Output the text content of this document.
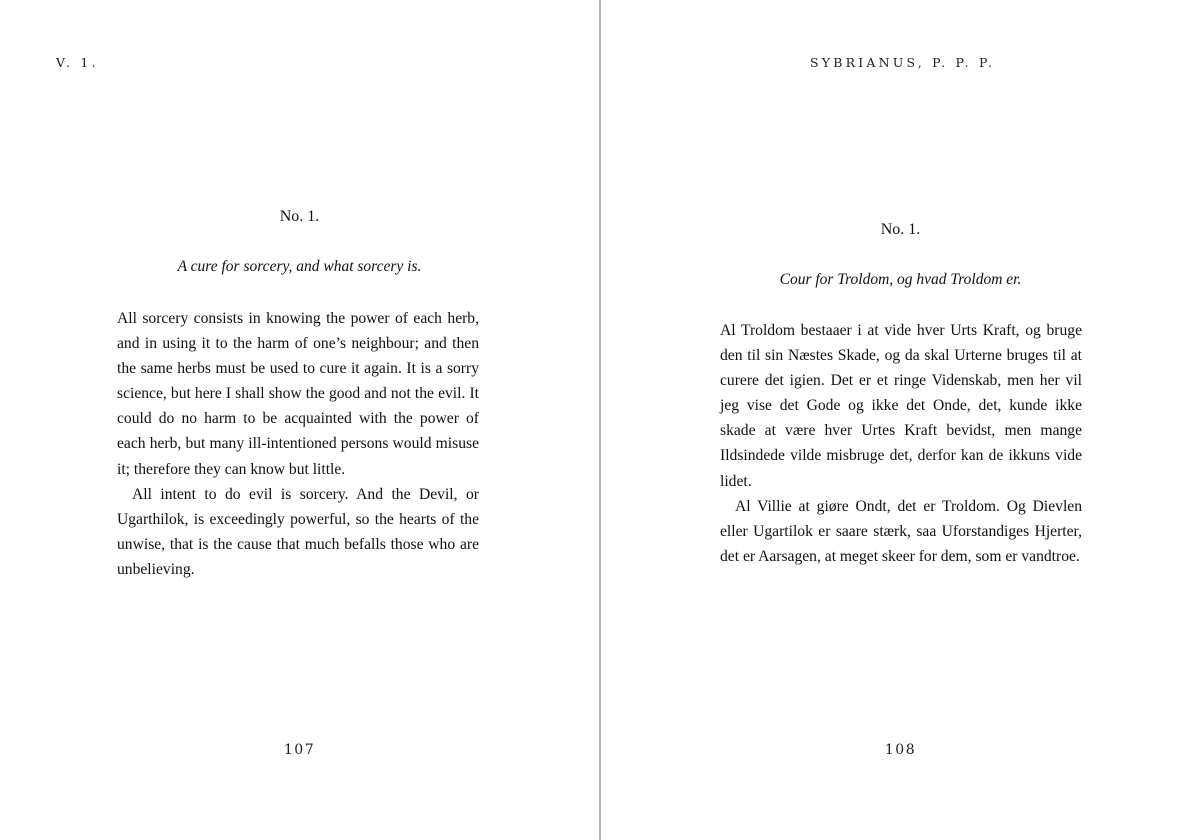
V. 1.
No. 1.
A cure for sorcery, and what sorcery is.

All sorcery consists in knowing the power of each herb, and in using it to the harm of one’s neighbour; and then the same herbs must be used to cure it again. It is a sorry science, but here I shall show the good and not the evil. It could do no harm to be acquainted with the power of each herb, but many ill-intentioned persons would misuse it; therefore they can know but little.

All intent to do evil is sorcery. And the Devil, or Ugarthilok, is exceedingly powerful, so the hearts of the unwise, that is the cause that much befalls those who are unbelieving.

107
SYBRIANUS, P. P. P.
No. 1.
Cour for Troldom, og hvad Troldom er.

Al Troldom bestaaer i at vide hver Urts Kraft, og bruge den til sin Næstes Skade, og da skal Urterne bruges til at curere det igien. Det er et ringe Videnskab, men her vil jeg vise det Gode og ikke det Onde, det, kunde ikke skade at være hver Urtes Kraft bevidst, men mange Ildsindede vilde misbruge det, derfor kan de ikkuns vide lidet.

Al Villie at giøre Ondt, det er Troldom. Og Dievlen eller Ugartilok er saare stærk, saa Uforstandiges Hjerter, det er Aarsagen, at meget skeer for dem, som er vandtroe.

108
